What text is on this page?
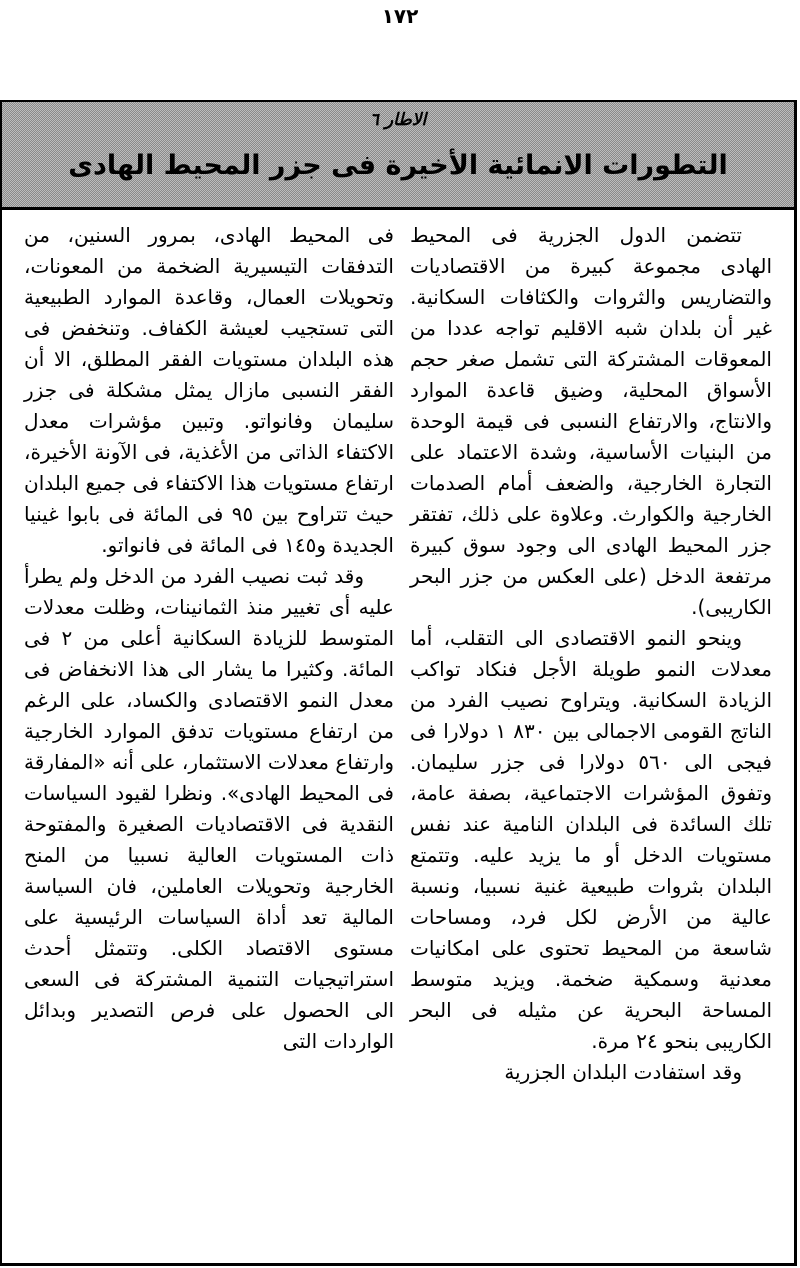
١٧٢
الاطار ٦
التطورات الانمائية الأخيرة فى جزر المحيط الهادى

تتضمن الدول الجزرية فى المحيط الهادى مجموعة كبيرة من الاقتصاديات والتضاريس والثروات والكثافات السكانية. غير أن بلدان شبه الاقليم تواجه عددا من المعوقات المشتركة التى تشمل صغر حجم الأسواق المحلية، وضيق قاعدة الموارد والانتاج، والارتفاع النسبى فى قيمة الوحدة من البنيات الأساسية، وشدة الاعتماد على التجارة الخارجية، والضعف أمام الصدمات الخارجية والكوارث. وعلاوة على ذلك، تفتقر جزر المحيط الهادى الى وجود سوق كبيرة مرتفعة الدخل (على العكس من جزر البحر الكاريبى).

وينحو النمو الاقتصادى الى التقلب، أما معدلات النمو طويلة الأجل فنكاد تواكب الزيادة السكانية. ويتراوح نصيب الفرد من الناتج القومى الاجمالى بين ٨٣٠ ١ دولارا فى فيجى الى ٥٦٠ دولارا فى جزر سليمان. وتفوق المؤشرات الاجتماعية، بصفة عامة، تلك السائدة فى البلدان النامية عند نفس مستويات الدخل أو ما يزيد عليه. وتتمتع البلدان بثروات طبيعية غنية نسبيا، ونسبة عالية من الأرض لكل فرد، ومساحات شاسعة من المحيط تحتوى على امكانيات معدنية وسمكية ضخمة. ويزيد متوسط المساحة البحرية عن مثيله فى البحر الكاريبى بنحو ٢٤ مرة.

وقد استفادت البلدان الجزرية

فى المحيط الهادى، بمرور السنين، من التدفقات التيسيرية الضخمة من المعونات، وتحويلات العمال، وقاعدة الموارد الطبيعية التى تستجيب لعيشة الكفاف. وتنخفض فى هذه البلدان مستويات الفقر المطلق، الا أن الفقر النسبى مازال يمثل مشكلة فى جزر سليمان وفانواتو. وتبين مؤشرات معدل الاكتفاء الذاتى من الأغذية، فى الآونة الأخيرة، ارتفاع مستويات هذا الاكتفاء فى جميع البلدان حيث تتراوح بين ٩٥ فى المائة فى بابوا غينيا الجديدة و١٤٥ فى المائة فى فانواتو.

وقد ثبت نصيب الفرد من الدخل ولم يطرأ عليه أى تغيير منذ الثمانينات، وظلت معدلات المتوسط للزيادة السكانية أعلى من ٢ فى المائة. وكثيرا ما يشار الى هذا الانخفاض فى معدل النمو الاقتصادى والكساد، على الرغم من ارتفاع مستويات تدفق الموارد الخارجية وارتفاع معدلات الاستثمار، على أنه «المفارقة فى المحيط الهادى». ونظرا لقيود السياسات النقدية فى الاقتصاديات الصغيرة والمفتوحة ذات المستويات العالية نسبيا من المنح الخارجية وتحويلات العاملين، فان السياسة المالية تعد أداة السياسات الرئيسية على مستوى الاقتصاد الكلى. وتتمثل أحدث استراتيجيات التنمية المشتركة فى السعى الى الحصول على فرص التصدير وبدائل الواردات التى
